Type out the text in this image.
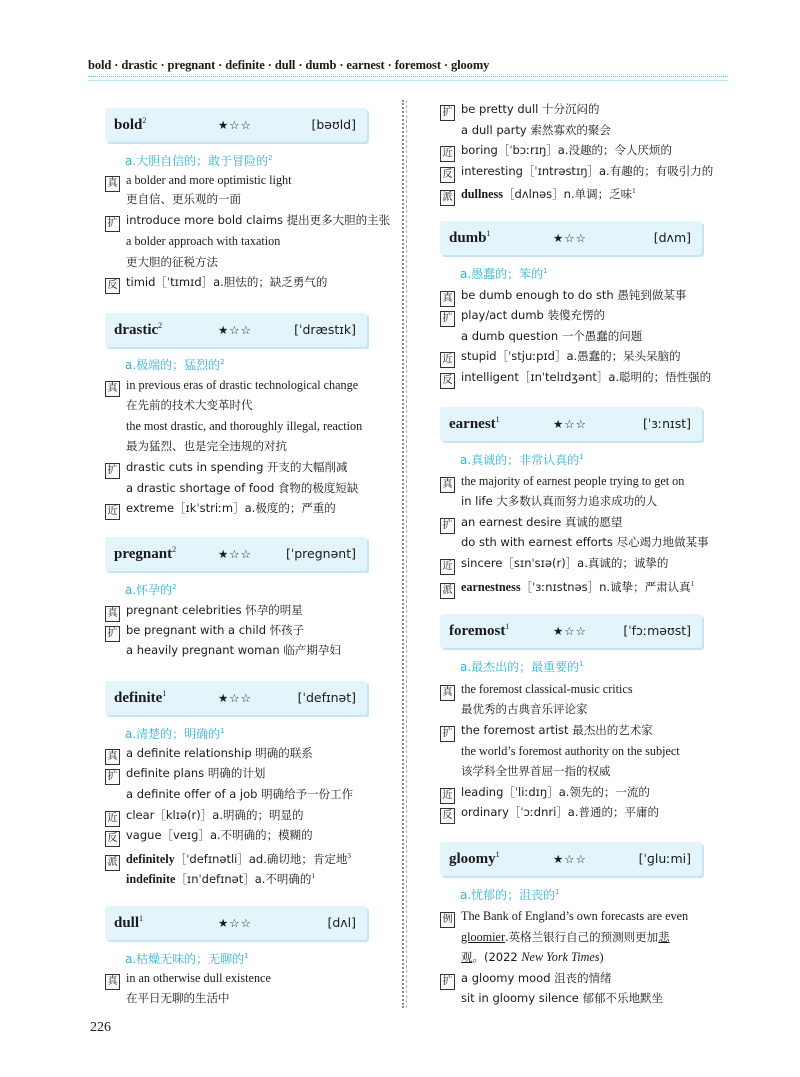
bold · drastic · pregnant · definite · dull · dumb · earnest · foremost · gloomy
bold$^2$	★☆☆	[bəʊld]
a.大胆自信的；敢于冒险的$^2$
真 a bolder and more optimistic light
更自信、更乐观的一面
扩 introduce more bold claims 提出更多大胆的主张
a bolder approach with taxation
更大胆的征税方法
反 timid［ˈtɪmɪd］a.胆怯的；缺乏勇气的
drastic$^2$	★☆☆	[ˈdræstɪk]
a.极端的；猛烈的$^2$
真 in previous eras of drastic technological change
在先前的技术大变革时代
the most drastic, and thoroughly illegal, reaction
最为猛烈、也是完全违规的对抗
扩 drastic cuts in spending 开支的大幅削减
a drastic shortage of food 食物的极度短缺
近 extreme［ɪkˈstriːm］a.极度的；严重的
pregnant$^2$	★☆☆	[ˈpregnənt]
a.怀孕的$^2$
真 pregnant celebrities 怀孕的明星
扩 be pregnant with a child 怀孩子
a heavily pregnant woman 临产期孕妇
definite$^1$	★☆☆	[ˈdefɪnət]
a.清楚的；明确的$^1$
真 a definite relationship 明确的联系
扩 definite plans 明确的计划
a definite offer of a job 明确给予一份工作
近 clear［klɪə(r)］a.明确的；明显的
反 vague［veɪɡ］a.不明确的；模糊的
派 definitely［ˈdefɪnətli］ad.确切地；肯定地$^3$
indefinite［ɪnˈdefɪnət］a.不明确的$^1$
dull$^1$	★☆☆	[dʌl]
a.枯燥无味的；无聊的$^1$
真 in an otherwise dull existence
在平日无聊的生活中
扩 be pretty dull 十分沉闷的
a dull party 索然寡欢的聚会
近 boring［ˈbɔːrɪŋ］a.没趣的；令人厌烦的
反 interesting［ˈɪntrəstɪŋ］a.有趣的；有吸引力的
派 dullness［dʌlnəs］n.单调；乏味$^1$
dumb$^1$	★☆☆	[dʌm]
a.愚蠢的；笨的$^1$
真 be dumb enough to do sth 愚钝到做某事
扩 play/act dumb 装傻充愣的
a dumb question 一个愚蠢的问题
近 stupid［ˈstjuːpɪd］a.愚蠢的；呆头呆脑的
反 intelligent［ɪnˈtelɪdʒənt］a.聪明的；悟性强的
earnest$^1$	★☆☆	[ˈɜːnɪst]
a.真诚的；非常认真的$^1$
真 the majority of earnest people trying to get on
in life 大多数认真而努力追求成功的人
扩 an earnest desire 真诚的愿望
do sth with earnest efforts 尽心竭力地做某事
近 sincere［sɪnˈsɪə(r)］a.真诚的；诚挚的
派 earnestness［ˈɜːnɪstnəs］n.诚挚；严肃认真$^1$
foremost$^1$	★☆☆	[ˈfɔːməʊst]
a.最杰出的；最重要的$^1$
真 the foremost classical-music critics
最优秀的古典音乐评论家
扩 the foremost artist 最杰出的艺术家
the world’s foremost authority on the subject
该学科全世界首屈一指的权威
近 leading［ˈliːdɪŋ］a.领先的；一流的
反 ordinary［ˈɔːdnri］a.普通的；平庸的
gloomy$^1$	★☆☆	[ˈɡluːmi]
a.忧郁的；沮丧的$^1$
例 The Bank of England’s own forecasts are even
gloomier.英格兰银行自己的预测则更加悲
观。(2022 New York Times)
扩 a gloomy mood 沮丧的情绪
sit in gloomy silence 郁郁不乐地默坐
226
